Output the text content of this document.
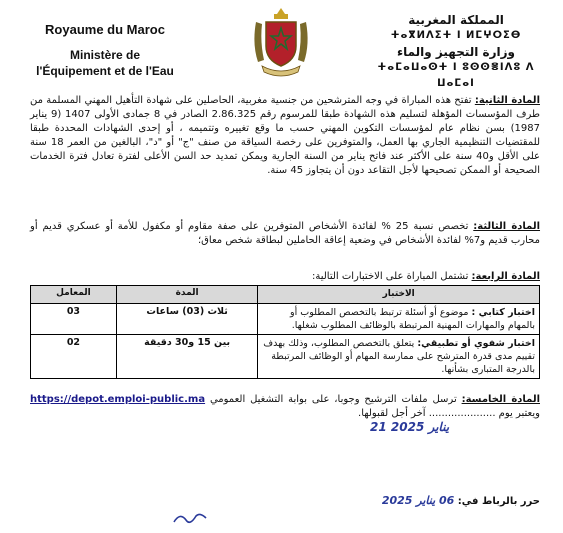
Royaume du Maroc
Ministère de
l'Équipement et de l'Eau
المملكة المغربية
ⵜⴰⴳⵍⴷⵉⵜ ⵏ ⵍⵎⵖⵔⵉⴱ
وزارة التجهيز والماء
ⵜⴰⵎⴰⵡⴰⵙⵜ ⵏ ⵓⵙⵙⴻⵏⴷⵓ ⴷ ⵡⴰⵎⴰⵏ
المادة الثانية: تفتح هذه المباراة في وجه المترشحين من جنسية مغربية، الحاصلين على شهادة التأهيل المهني المسلمة من طرف المؤسسات المؤهلة لتسليم هذه الشهادة طبقا للمرسوم رقم 2.86.325 الصادر في 8 جمادى الأولى 1407 (9 يناير 1987) بسن نظام عام لمؤسسات التكوين المهني حسب ما وقع تغييره وتتميمه ، أو إحدى الشهادات المحددة طبقا للمقتضيات التنظيمية الجاري بها العمل، والمتوفرين على رخصة السياقة من صنف "ج" أو "د"، البالغين من العمر 18 سنة على الأقل و40 سنة على الأكثر عند فاتح يناير من السنة الجارية ويمكن تمديد حد السن الأعلى لفترة تعادل فترة الخدمات الصحيحة أو الممكن تصحيحها لأجل التقاعد دون أن يتجاوز 45 سنة.
المادة الثالثة: تخصص نسبة 25 % لفائدة الأشخاص المتوفرين على صفة مقاوم أو مكفول للأمة أو عسكري قديم أو محارب قديم و7% لفائدة الأشخاص في وضعية إعاقة الحاملين لبطاقة شخص معاق؛
المادة الرابعة: تشتمل المباراة على الاختبارات التالية:
الاختبار	المدة	المعامل
اختبار كتابي : موضوع أو أسئلة ترتبط بالتخصص المطلوب أو بالمهام والمهارات المهنية المرتبطة بالوظائف المطلوب شغلها.	ثلاث (03) ساعات	03
اختبار شفوي أو تطبيقي: يتعلق بالتخصص المطلوب، وذلك بهدف تقييم مدى قدرة المترشح على ممارسة المهام أو الوظائف المرتبطة بالدرجة المتبارى بشأنها.	بين 15 و30 دقيقة	02
المادة الخامسة: ترسل ملفات الترشيح وجوبا، على بوابة التشغيل العمومي https://depot.emploi-public.ma ويعتبر يوم ..................... آخر أجل لقبولها.
21 يناير 2025
حرر بالرباط في: 06 يناير 2025
